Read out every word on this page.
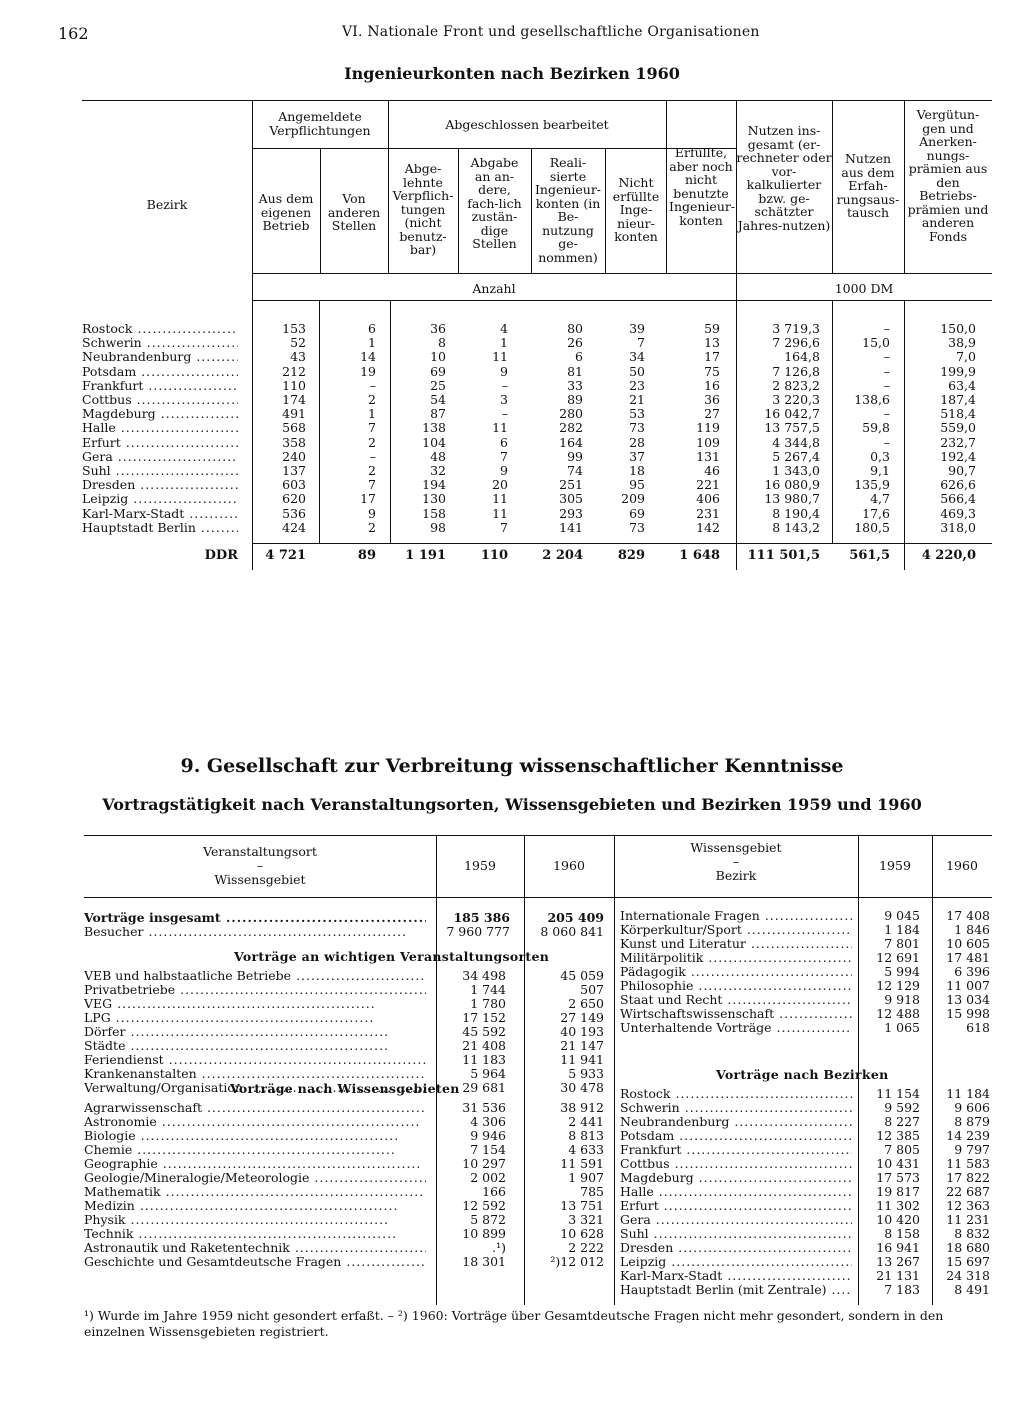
162	VI. Nationale Front und gesellschaftliche Organisationen
Ingenieurkonten nach Bezirken 1960
Bezirk
Angemeldete Verpflichtungen	Abgeschlossen bearbeitet
Aus dem eigenen Betrieb
Von anderen Stellen
Abge-lehnte Verpflich-tungen (nicht benutz-bar)
Abgabe an an-dere, fach-lich zustän-dige Stellen
Reali-sierte Ingenieur-konten (in Be-nutzung ge-nommen)
Nicht erfüllte Inge-nieur-konten
Erfüllte, aber noch nicht benutzte Ingenieur-konten
Nutzen ins-gesamt (er-rechneter oder vor-kalkulierter bzw. ge-schätzter Jahres-nutzen)
Nutzen aus dem Erfah-rungsaus-tausch
Vergütun-gen und Anerken-nungs-prämien aus den Betriebs-prämien und anderen Fonds
Anzahl	1000 DM
Rostock .....	153	6	36	4	80	39	59	3 719,3	–	150,0
Schwerin .....	52	1	8	1	26	7	13	7 296,6	15,0	38,9
Neubrandenburg .....	43	14	10	11	6	34	17	164,8	–	7,0
Potsdam .....	212	19	69	9	81	50	75	7 126,8	–	199,9
Frankfurt .....	110	–	25	–	33	23	16	2 823,2	–	63,4
Cottbus .....	174	2	54	3	89	21	36	3 220,3	138,6	187,4
Magdeburg .....	491	1	87	–	280	53	27	16 042,7	–	518,4
Halle .....	568	7	138	11	282	73	119	13 757,5	59,8	559,0
Erfurt .....	358	2	104	6	164	28	109	4 344,8	–	232,7
Gera .....	240	–	48	7	99	37	131	5 267,4	0,3	192,4
Suhl .....	137	2	32	9	74	18	46	1 343,0	9,1	90,7
Dresden .....	603	7	194	20	251	95	221	16 080,9	135,9	626,6
Leipzig .....	620	17	130	11	305	209	406	13 980,7	4,7	566,4
Karl-Marx-Stadt .....	536	9	158	11	293	69	231	8 190,4	17,6	469,3
Hauptstadt Berlin .....	424	2	98	7	141	73	142	8 143,2	180,5	318,0
DDR	4 721	89	1 191	110	2 204	829	1 648	111 501,5	561,5	4 220,0
9. Gesellschaft zur Verbreitung wissenschaftlicher Kenntnisse
Vortragstätigkeit nach Veranstaltungsorten, Wissensgebieten und Bezirken 1959 und 1960
Veranstaltungsort
–
Wissensgebiet
1959	1960
Wissensgebiet
–
Bezirk
1959	1960
Vorträge an wichtigen Veranstaltungsorten
Vorträge nach Wissensgebieten
Vorträge nach Bezirken
Vorträge insgesamt .....	185 386	205 409
Besucher .....	7 960 777	8 060 841
VEB und halbstaatliche Betriebe .....	34 498	45 059
Privatbetriebe .....	1 744	507
VEG .....	1 780	2 650
LPG .....	17 152	27 149
Dörfer .....	45 592	40 193
Städte .....	21 408	21 147
Feriendienst .....	11 183	11 941
Krankenanstalten .....	5 964	5 933
Verwaltung/Organisation .....	29 681	30 478
Agrarwissenschaft .....	31 536	38 912
Astronomie .....	4 306	2 441
Biologie .....	9 946	8 813
Chemie .....	7 154	4 633
Geographie .....	10 297	11 591
Geologie/Mineralogie/Meteorologie .....	2 002	1 907
Mathematik .....	166	785
Medizin .....	12 592	13 751
Physik .....	5 872	3 321
Technik .....	10 899	10 628
Astronautik und Raketentechnik .....	.¹)	2 222
Geschichte und Gesamtdeutsche Fragen .....	18 301	²)12 012
Internationale Fragen .....	9 045	17 408
Körperkultur/Sport .....	1 184	1 846
Kunst und Literatur .....	7 801	10 605
Militärpolitik .....	12 691	17 481
Pädagogik .....	5 994	6 396
Philosophie .....	12 129	11 007
Staat und Recht .....	9 918	13 034
Wirtschaftswissenschaft .....	12 488	15 998
Unterhaltende Vorträge .....	1 065	618
Rostock .....	11 154	11 184
Schwerin .....	9 592	9 606
Neubrandenburg .....	8 227	8 879
Potsdam .....	12 385	14 239
Frankfurt .....	7 805	9 797
Cottbus .....	10 431	11 583
Magdeburg .....	17 573	17 822
Halle .....	19 817	22 687
Erfurt .....	11 302	12 363
Gera .....	10 420	11 231
Suhl .....	8 158	8 832
Dresden .....	16 941	18 680
Leipzig .....	13 267	15 697
Karl-Marx-Stadt .....	21 131	24 318
Hauptstadt Berlin (mit Zentrale) .....	7 183	8 491
¹) Wurde im Jahre 1959 nicht gesondert erfaßt. – ²) 1960: Vorträge über Gesamtdeutsche Fragen nicht mehr gesondert, sondern in den einzelnen Wissensgebieten registriert.
